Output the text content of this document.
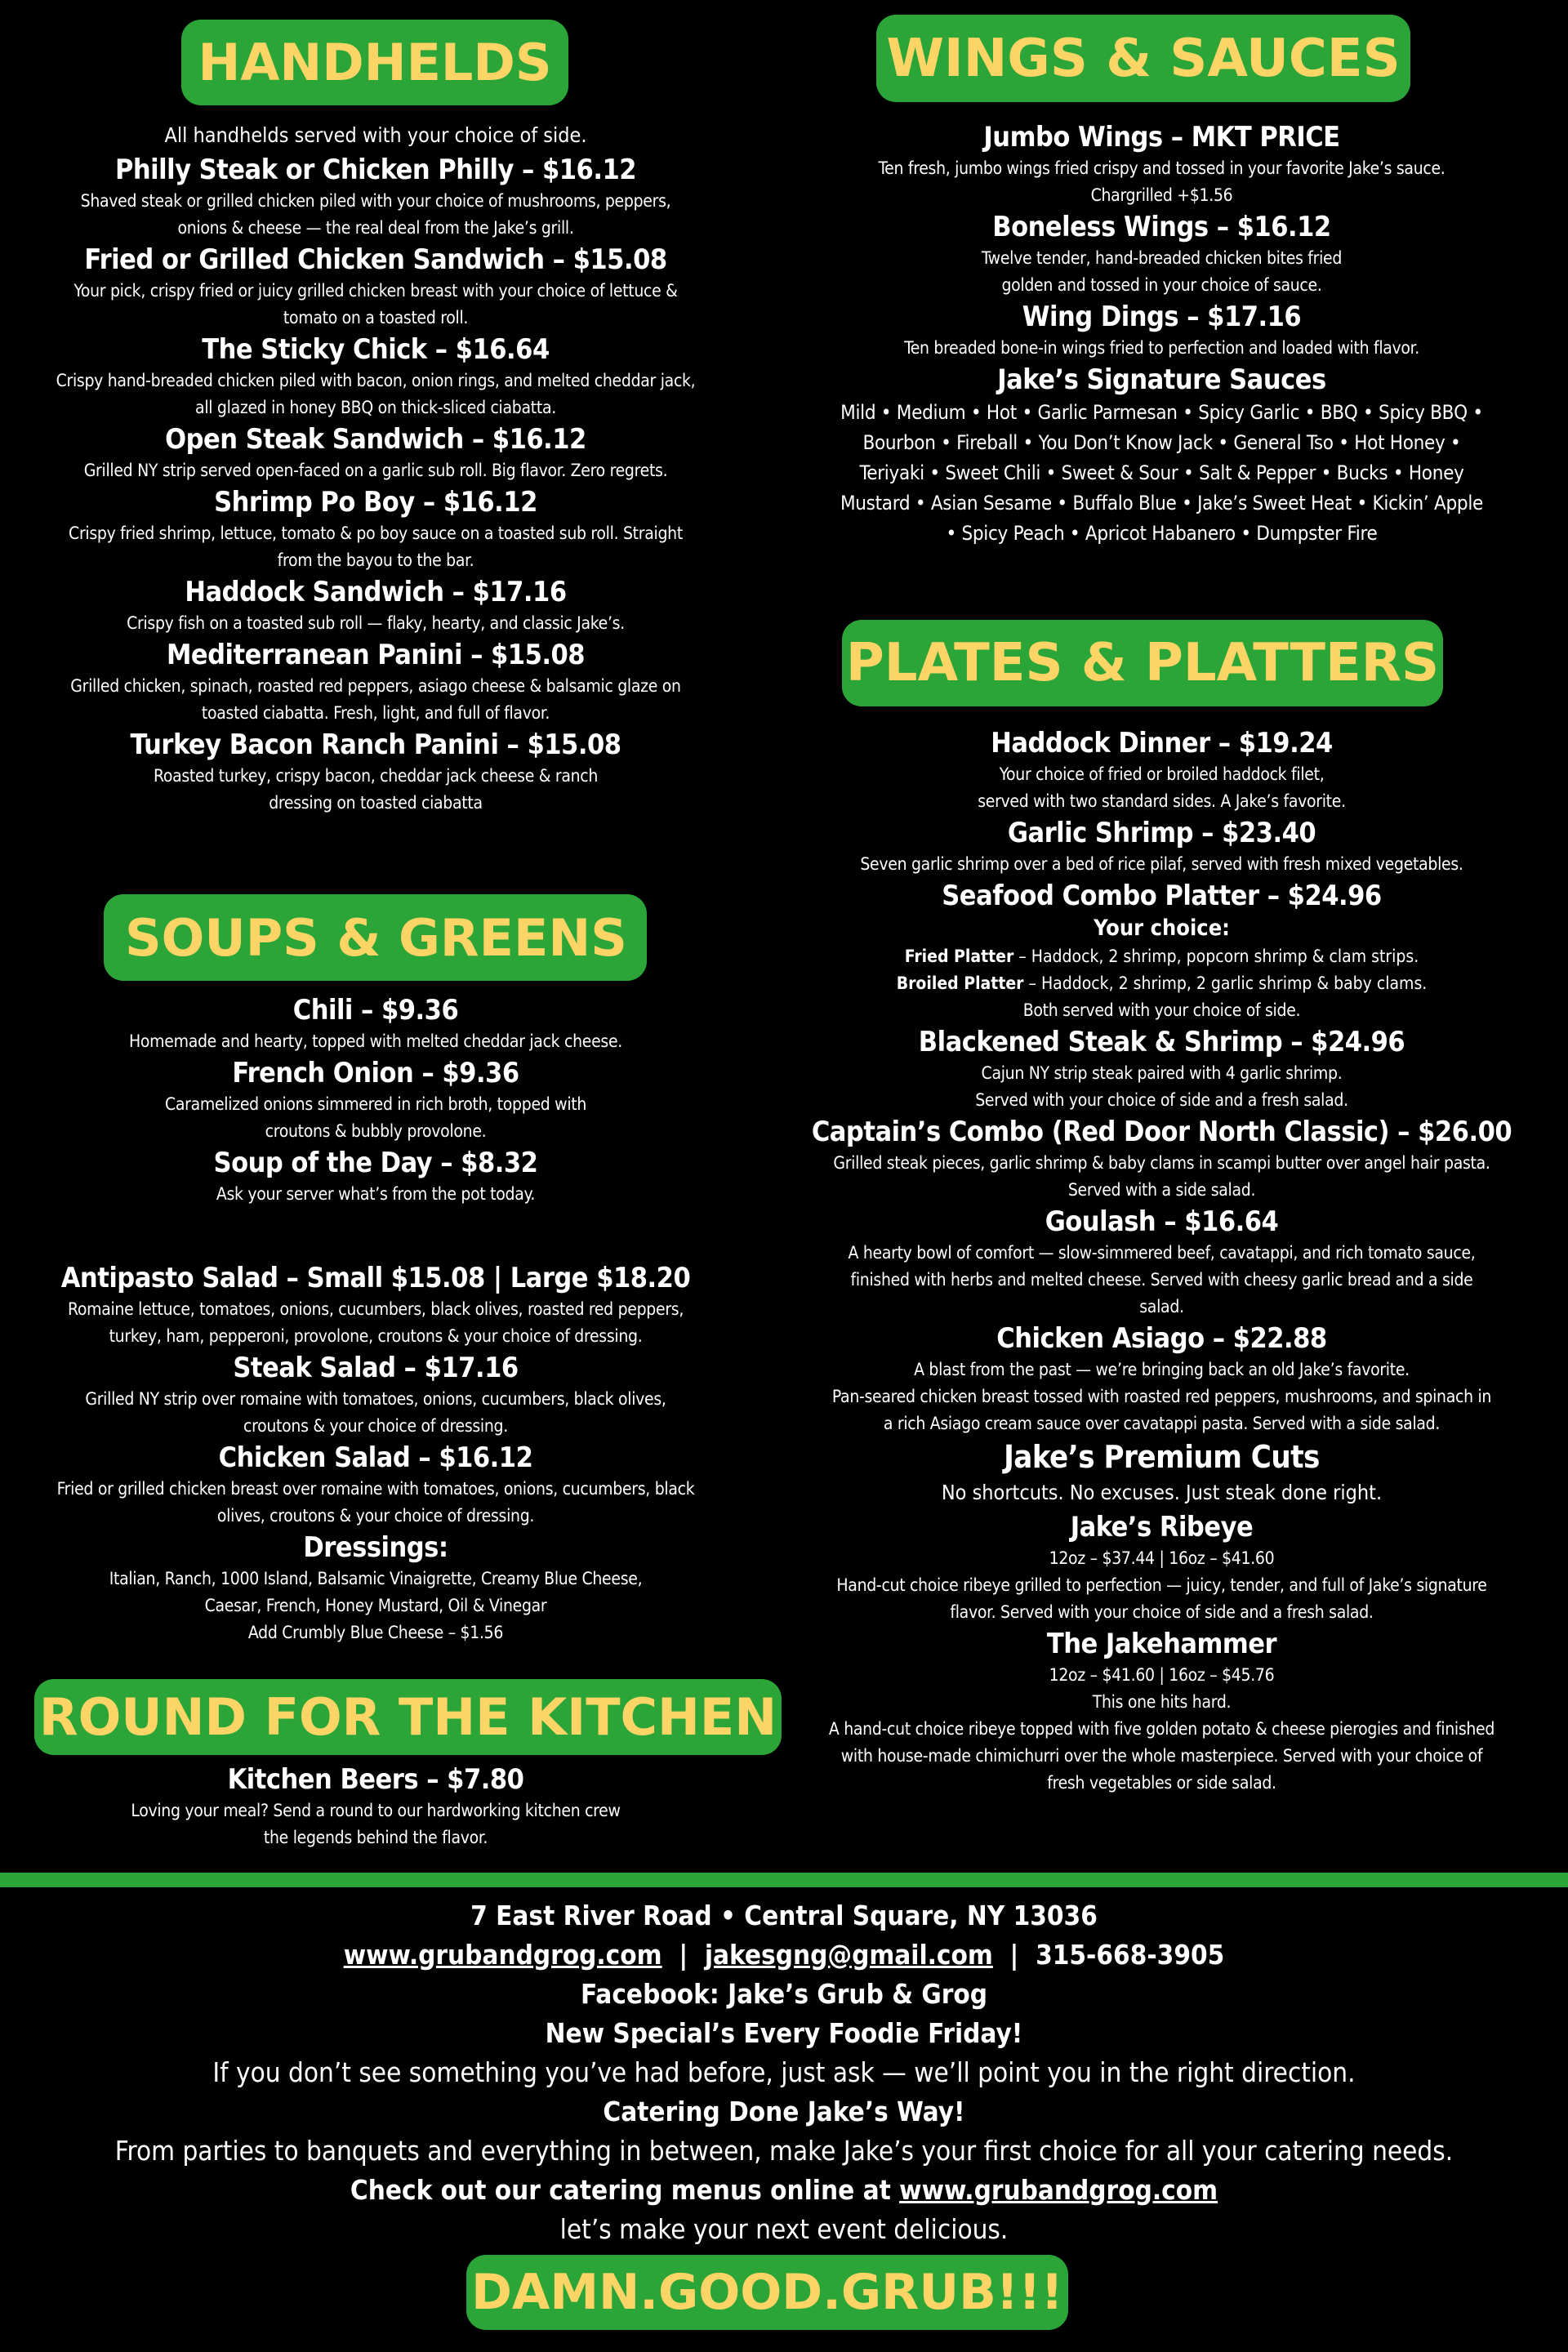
HANDHELDS	WINGS & SAUCES
PLATES & PLATTERS
SOUPS & GREENS
ROUND FOR THE KITCHEN
All handhelds served with your choice of side.
Philly Steak or Chicken Philly – $16.12
Shaved steak or grilled chicken piled with your choice of mushrooms, peppers,
onions & cheese — the real deal from the Jake’s grill.
Fried or Grilled Chicken Sandwich – $15.08
Your pick, crispy fried or juicy grilled chicken breast with your choice of lettuce &
tomato on a toasted roll.
The Sticky Chick – $16.64
Crispy hand-breaded chicken piled with bacon, onion rings, and melted cheddar jack,
all glazed in honey BBQ on thick-sliced ciabatta.
Open Steak Sandwich – $16.12
Grilled NY strip served open-faced on a garlic sub roll. Big flavor. Zero regrets.
Shrimp Po Boy – $16.12
Crispy fried shrimp, lettuce, tomato & po boy sauce on a toasted sub roll. Straight
from the bayou to the bar.
Haddock Sandwich – $17.16
Crispy fish on a toasted sub roll — flaky, hearty, and classic Jake’s.
Mediterranean Panini – $15.08
Grilled chicken, spinach, roasted red peppers, asiago cheese & balsamic glaze on
toasted ciabatta. Fresh, light, and full of flavor.
Turkey Bacon Ranch Panini – $15.08
Roasted turkey, crispy bacon, cheddar jack cheese & ranch
dressing on toasted ciabatta
Chili – $9.36
Homemade and hearty, topped with melted cheddar jack cheese.
French Onion – $9.36
Caramelized onions simmered in rich broth, topped with
croutons & bubbly provolone.
Soup of the Day – $8.32
Ask your server what’s from the pot today.
Antipasto Salad – Small $15.08 | Large $18.20
Romaine lettuce, tomatoes, onions, cucumbers, black olives, roasted red peppers,
turkey, ham, pepperoni, provolone, croutons & your choice of dressing.
Steak Salad – $17.16
Grilled NY strip over romaine with tomatoes, onions, cucumbers, black olives,
croutons & your choice of dressing.
Chicken Salad – $16.12
Fried or grilled chicken breast over romaine with tomatoes, onions, cucumbers, black
olives, croutons & your choice of dressing.
Dressings:
Italian, Ranch, 1000 Island, Balsamic Vinaigrette, Creamy Blue Cheese,
Caesar, French, Honey Mustard, Oil & Vinegar
Add Crumbly Blue Cheese – $1.56
Kitchen Beers – $7.80
Loving your meal? Send a round to our hardworking kitchen crew
the legends behind the flavor.
Jumbo Wings – MKT PRICE
Ten fresh, jumbo wings fried crispy and tossed in your favorite Jake’s sauce.
Chargrilled +$1.56
Boneless Wings – $16.12
Twelve tender, hand-breaded chicken bites fried
golden and tossed in your choice of sauce.
Wing Dings – $17.16
Ten breaded bone-in wings fried to perfection and loaded with flavor.
Jake’s Signature Sauces
Mild • Medium • Hot • Garlic Parmesan • Spicy Garlic • BBQ • Spicy BBQ •
Bourbon • Fireball • You Don’t Know Jack • General Tso • Hot Honey •
Teriyaki • Sweet Chili • Sweet & Sour • Salt & Pepper • Bucks • Honey
Mustard • Asian Sesame • Buffalo Blue • Jake’s Sweet Heat • Kickin’ Apple
• Spicy Peach • Apricot Habanero • Dumpster Fire
Haddock Dinner – $19.24
Your choice of fried or broiled haddock filet,
served with two standard sides. A Jake’s favorite.
Garlic Shrimp – $23.40
Seven garlic shrimp over a bed of rice pilaf, served with fresh mixed vegetables.
Seafood Combo Platter – $24.96
Your choice:
Fried Platter – Haddock, 2 shrimp, popcorn shrimp & clam strips.
Broiled Platter – Haddock, 2 shrimp, 2 garlic shrimp & baby clams.
Both served with your choice of side.
Blackened Steak & Shrimp – $24.96
Cajun NY strip steak paired with 4 garlic shrimp.
Served with your choice of side and a fresh salad.
Captain’s Combo (Red Door North Classic) – $26.00
Grilled steak pieces, garlic shrimp & baby clams in scampi butter over angel hair pasta.
Served with a side salad.
Goulash – $16.64
A hearty bowl of comfort — slow-simmered beef, cavatappi, and rich tomato sauce,
finished with herbs and melted cheese. Served with cheesy garlic bread and a side
salad.
Chicken Asiago – $22.88
A blast from the past — we’re bringing back an old Jake’s favorite.
Pan-seared chicken breast tossed with roasted red peppers, mushrooms, and spinach in
a rich Asiago cream sauce over cavatappi pasta. Served with a side salad.
Jake’s Premium Cuts
No shortcuts. No excuses. Just steak done right.
Jake’s Ribeye
12oz – $37.44 | 16oz – $41.60
Hand-cut choice ribeye grilled to perfection — juicy, tender, and full of Jake’s signature
flavor. Served with your choice of side and a fresh salad.
The Jakehammer
12oz – $41.60 | 16oz – $45.76
This one hits hard.
A hand-cut choice ribeye topped with five golden potato & cheese pierogies and finished
with house-made chimichurri over the whole masterpiece. Served with your choice of
fresh vegetables or side salad.
7 East River Road • Central Square, NY 13036
www.grubandgrog.com | jakesgng@gmail.com | 315-668-3905
Facebook: Jake’s Grub & Grog
New Special’s Every Foodie Friday!
If you don’t see something you’ve had before, just ask — we’ll point you in the right direction.
Catering Done Jake’s Way!
From parties to banquets and everything in between, make Jake’s your first choice for all your catering needs.
Check out our catering menus online at www.grubandgrog.com
let’s make your next event delicious.
DAMN.GOOD.GRUB!!!
